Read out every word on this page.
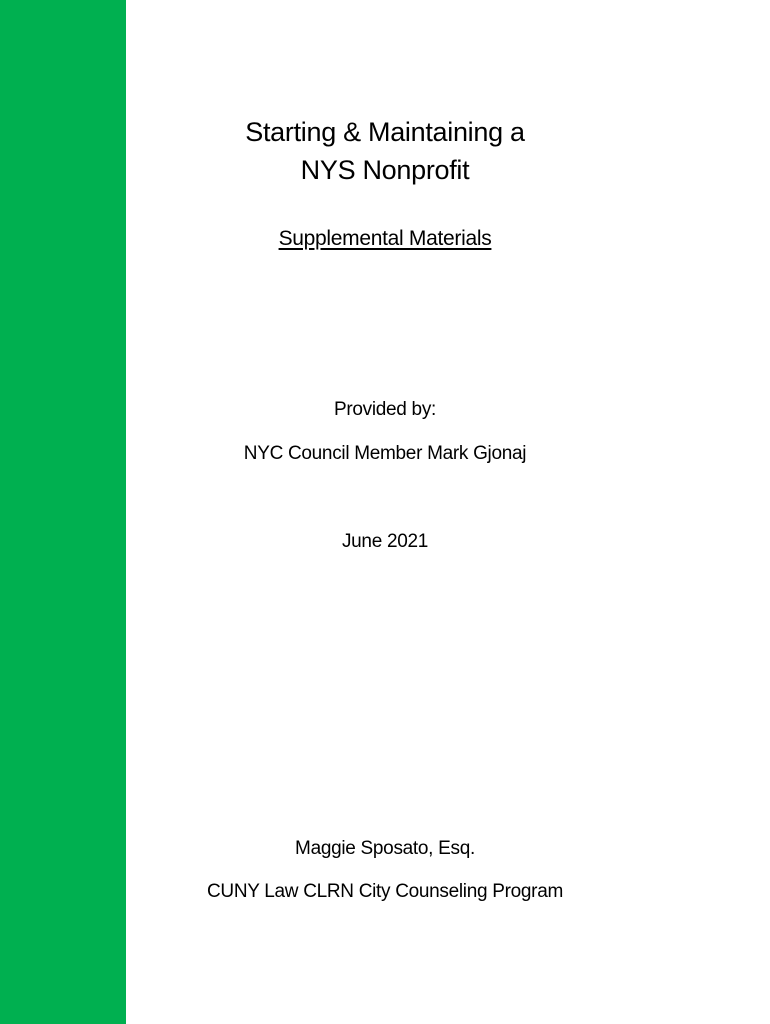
Starting & Maintaining a
NYS Nonprofit
Supplemental Materials
Provided by:
NYC Council Member Mark Gjonaj
June 2021
Maggie Sposato, Esq.
CUNY Law CLRN City Counseling Program
